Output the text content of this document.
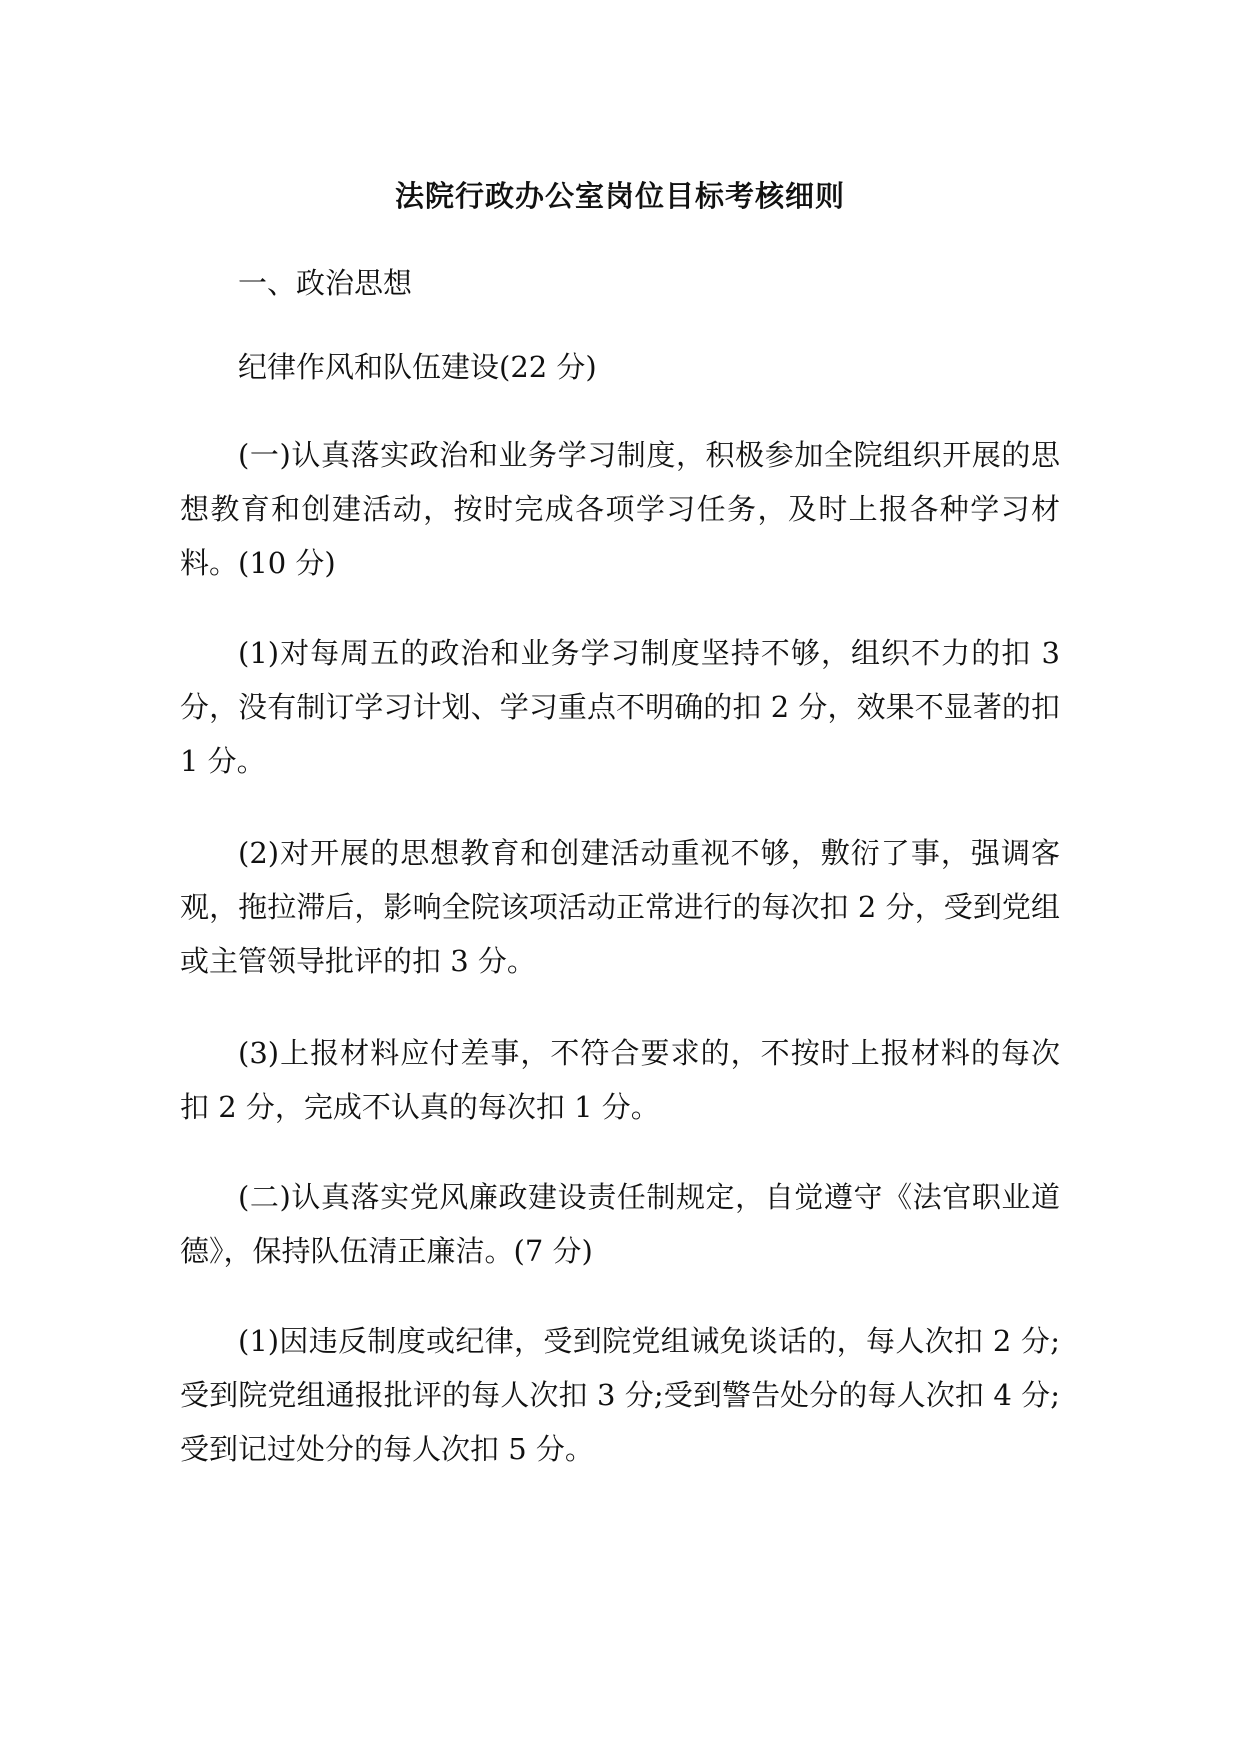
法院行政办公室岗位目标考核细则

一、政治思想

纪律作风和队伍建设(22 分)

(一)认真落实政治和业务学习制度，积极参加全院组织开展的思想教育和创建活动，按时完成各项学习任务，及时上报各种学习材料。(10 分)

(1)对每周五的政治和业务学习制度坚持不够，组织不力的扣 3 分，没有制订学习计划、学习重点不明确的扣 2 分，效果不显著的扣 1 分。

(2)对开展的思想教育和创建活动重视不够，敷衍了事，强调客观，拖拉滞后，影响全院该项活动正常进行的每次扣 2 分，受到党组或主管领导批评的扣 3 分。

(3)上报材料应付差事，不符合要求的，不按时上报材料的每次扣 2 分，完成不认真的每次扣 1 分。

(二)认真落实党风廉政建设责任制规定，自觉遵守《法官职业道德》，保持队伍清正廉洁。(7 分)

(1)因违反制度或纪律，受到院党组诫免谈话的，每人次扣 2 分;受到院党组通报批评的每人次扣 3 分;受到警告处分的每人次扣 4 分;受到记过处分的每人次扣 5 分。
